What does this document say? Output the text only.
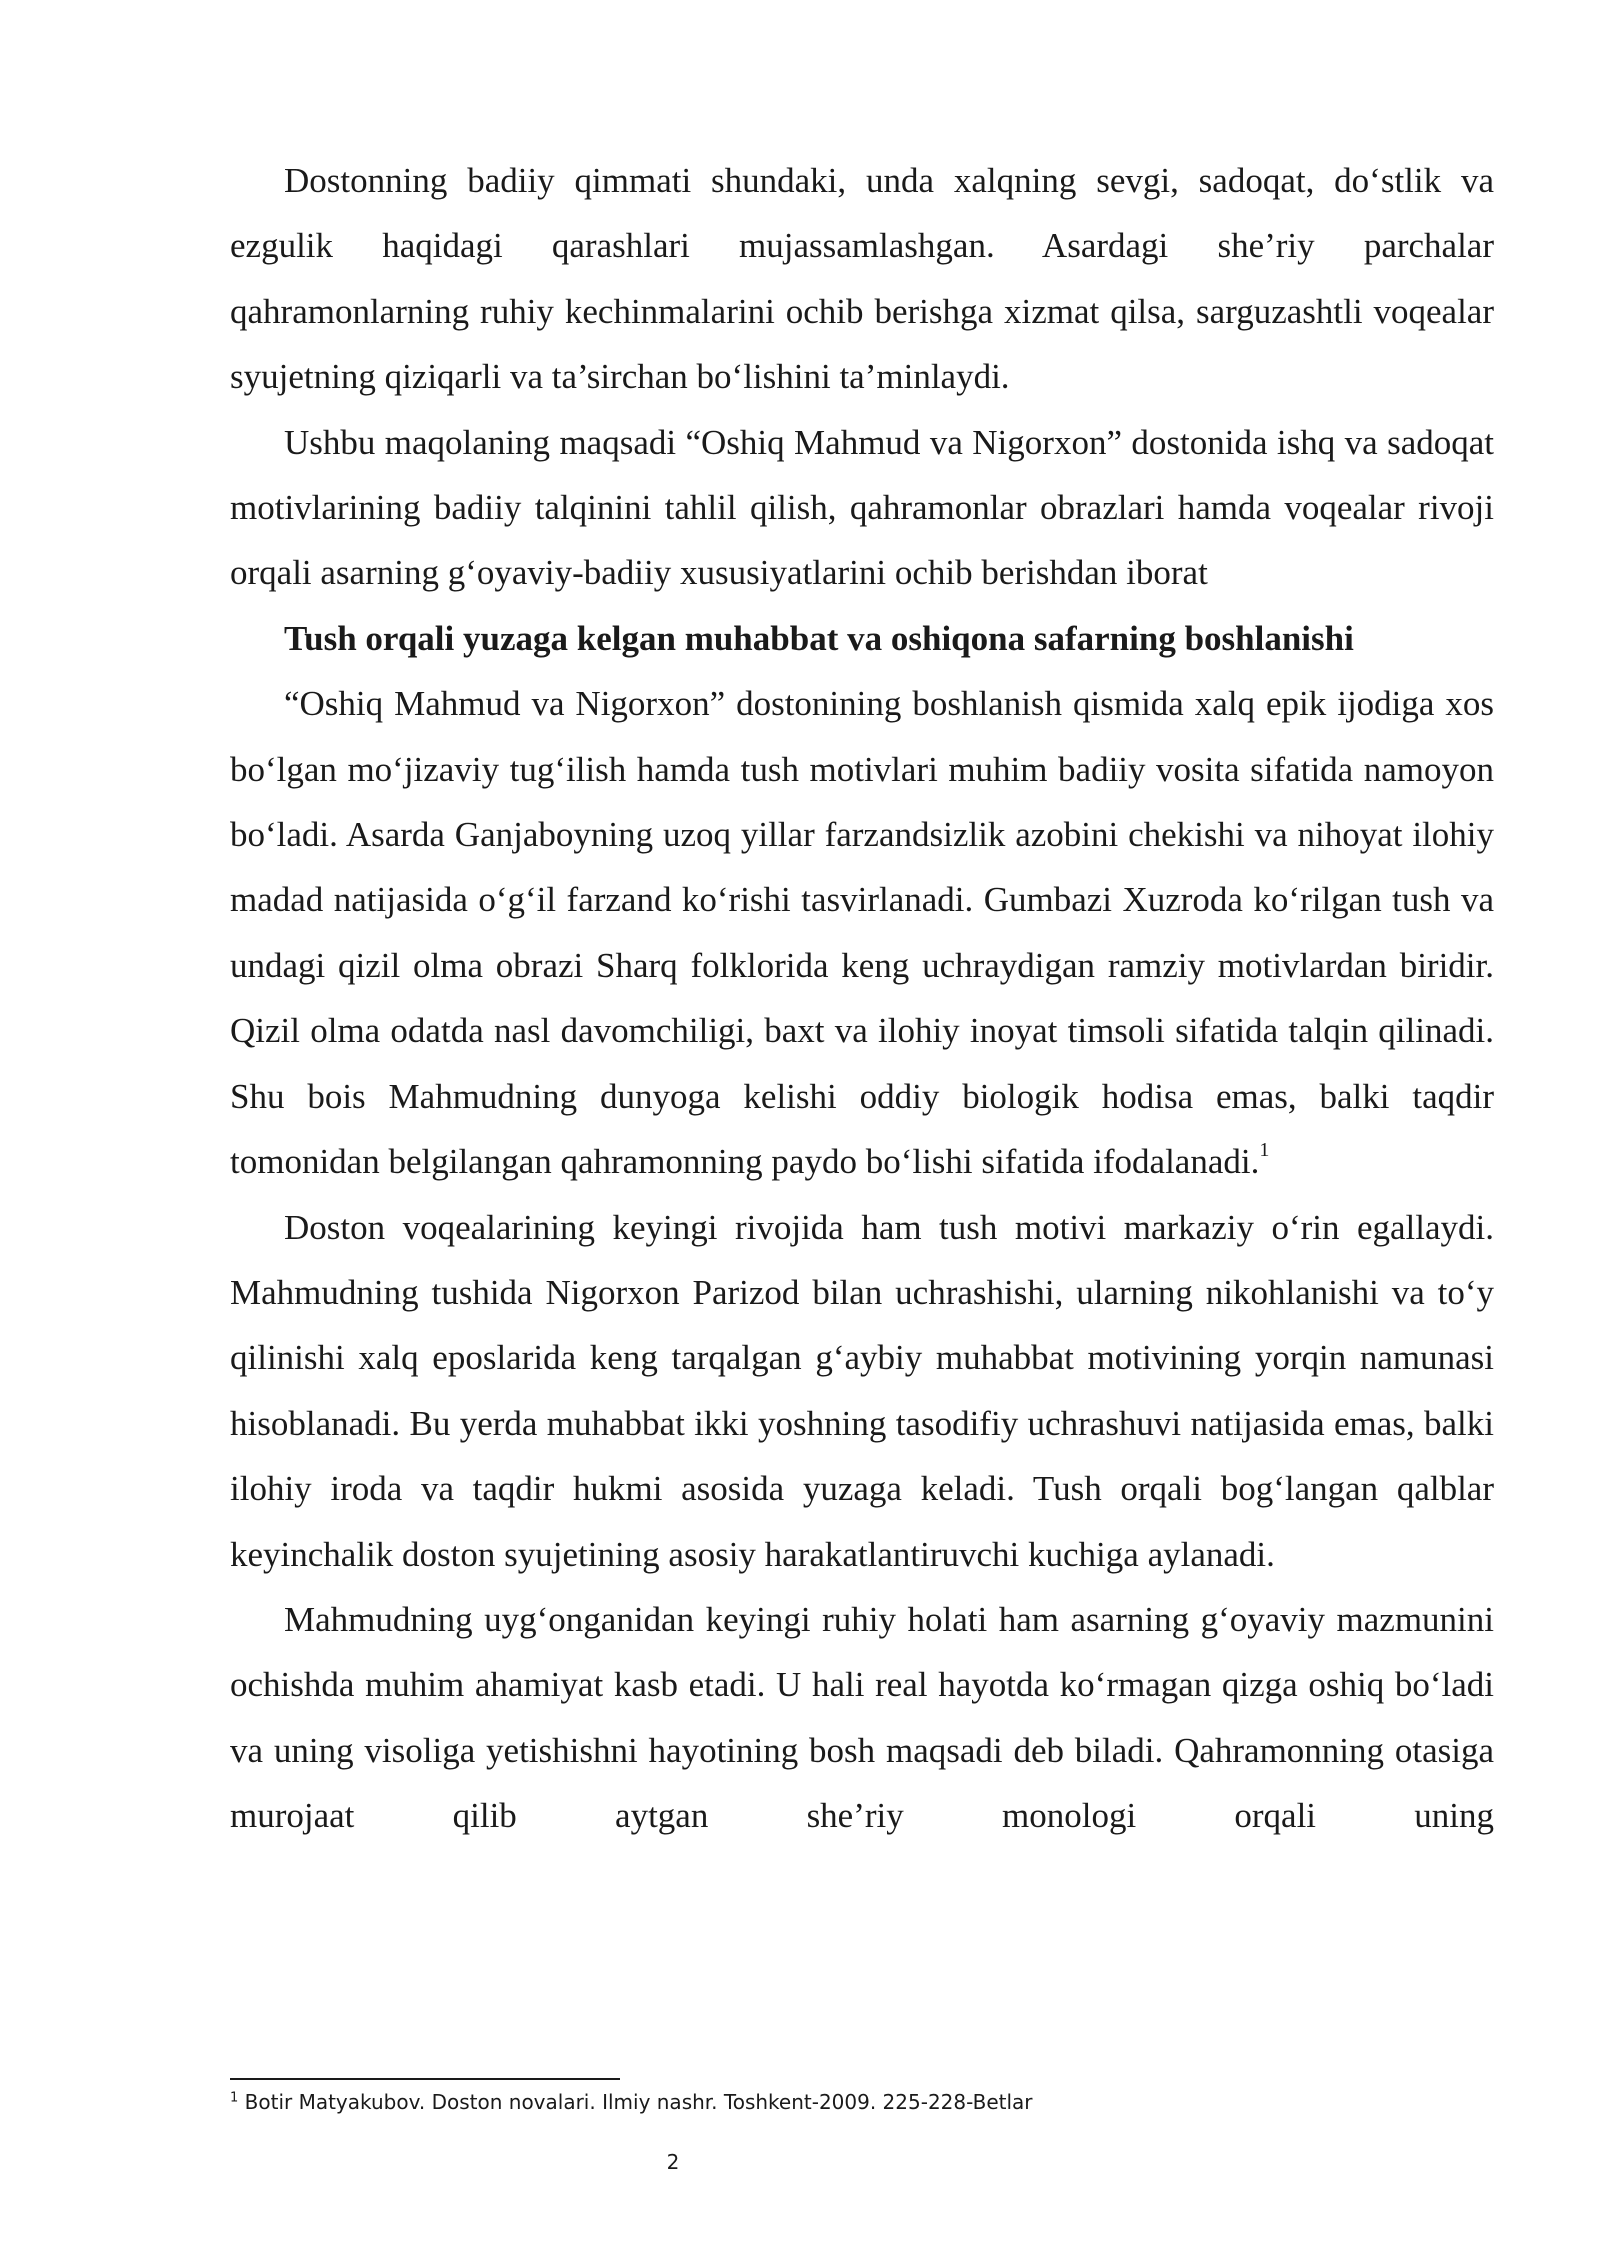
Dostonning badiiy qimmati shundaki, unda xalqning sevgi, sadoqat, do‘stlik va ezgulik haqidagi qarashlari mujassamlashgan. Asardagi she’riy parchalar qahramonlarning ruhiy kechinmalarini ochib berishga xizmat qilsa, sarguzashtli voqealar syujetning qiziqarli va ta’sirchan bo‘lishini ta’minlaydi.

Ushbu maqolaning maqsadi “Oshiq Mahmud va Nigorxon” dostonida ishq va sadoqat motivlarining badiiy talqinini tahlil qilish, qahramonlar obrazlari hamda voqealar rivoji orqali asarning g‘oyaviy-badiiy xususiyatlarini ochib berishdan iborat

Tush orqali yuzaga kelgan muhabbat va oshiqona safarning boshlanishi

“Oshiq Mahmud va Nigorxon” dostonining boshlanish qismida xalq epik ijodiga xos bo‘lgan mo‘jizaviy tug‘ilish hamda tush motivlari muhim badiiy vosita sifatida namoyon bo‘ladi. Asarda Ganjaboyning uzoq yillar farzandsizlik azobini chekishi va nihoyat ilohiy madad natijasida o‘g‘il farzand ko‘rishi tasvirlanadi. Gumbazi Xuzroda ko‘rilgan tush va undagi qizil olma obrazi Sharq folklorida keng uchraydigan ramziy motivlardan biridir. Qizil olma odatda nasl davomchiligi, baxt va ilohiy inoyat timsoli sifatida talqin qilinadi. Shu bois Mahmudning dunyoga kelishi oddiy biologik hodisa emas, balki taqdir tomonidan belgilangan qahramonning paydo bo‘lishi sifatida ifodalanadi.$^1$

Doston voqealarining keyingi rivojida ham tush motivi markaziy o‘rin egallaydi. Mahmudning tushida Nigorxon Parizod bilan uchrashishi, ularning nikohlanishi va to‘y qilinishi xalq eposlarida keng tarqalgan g‘aybiy muhabbat motivining yorqin namunasi hisoblanadi. Bu yerda muhabbat ikki yoshning tasodifiy uchrashuvi natijasida emas, balki ilohiy iroda va taqdir hukmi asosida yuzaga keladi. Tush orqali bog‘langan qalblar keyinchalik doston syujetining asosiy harakatlantiruvchi kuchiga aylanadi.

Mahmudning uyg‘onganidan keyingi ruhiy holati ham asarning g‘oyaviy mazmunini ochishda muhim ahamiyat kasb etadi. U hali real hayotda ko‘rmagan qizga oshiq bo‘ladi va uning visoliga yetishishni hayotining bosh maqsadi deb biladi. Qahramonning otasiga murojaat qilib aytgan she’riy monologi orqali uning

$^1$ Botir Matyakubov. Doston novalari. Ilmiy nashr. Toshkent-2009. 225-228-Betlar
2
